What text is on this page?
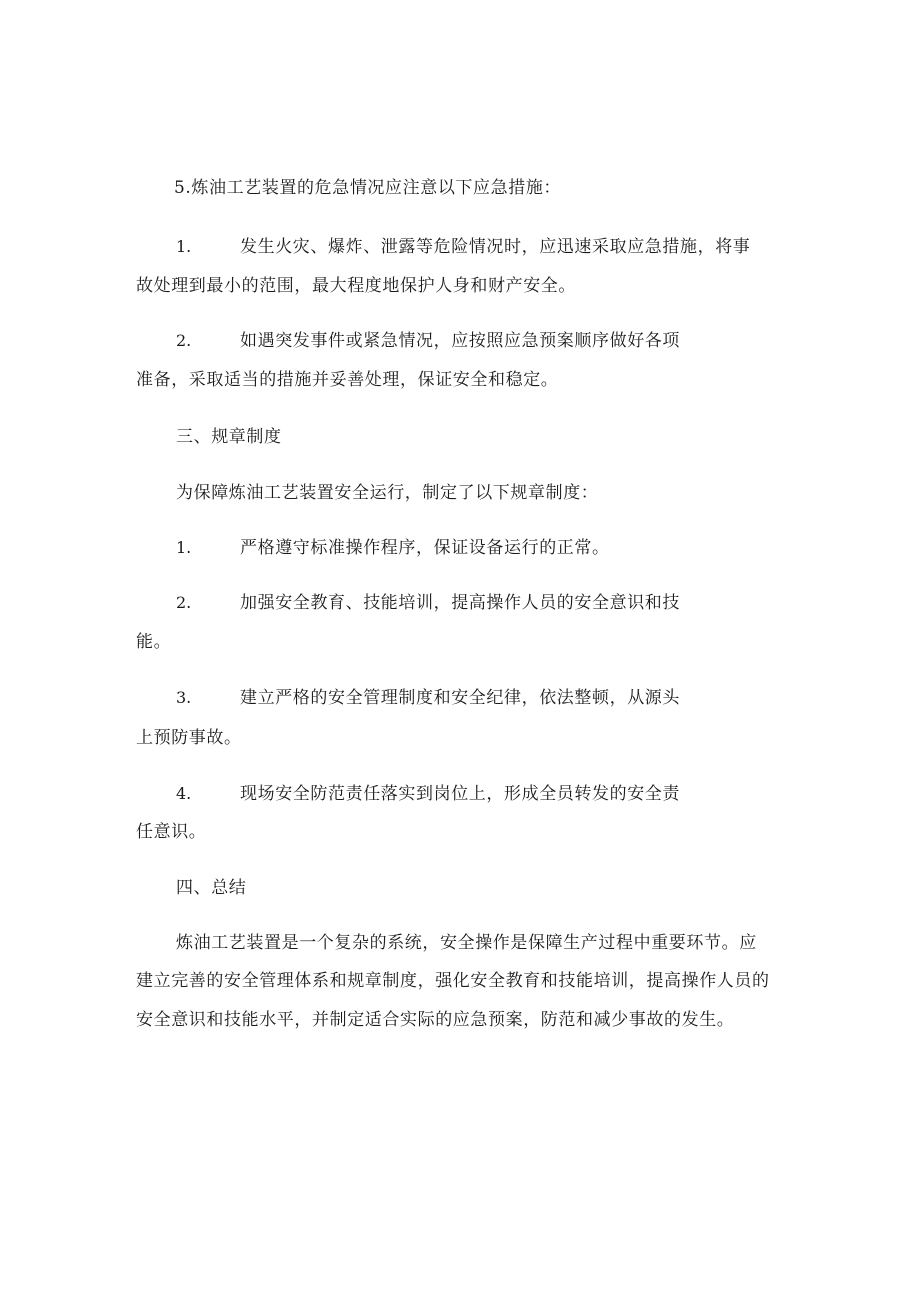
5.炼油工艺装置的危急情况应注意以下应急措施：
1.	发生火灾、爆炸、泄露等危险情况时，应迅速采取应急措施，将事
故处理到最小的范围，最大程度地保护人身和财产安全。
2.	如遇突发事件或紧急情况，应按照应急预案顺序做好各项
准备，采取适当的措施并妥善处理，保证安全和稳定。
三、规章制度
为保障炼油工艺装置安全运行，制定了以下规章制度：
1.	严格遵守标准操作程序，保证设备运行的正常。
2.	加强安全教育、技能培训，提高操作人员的安全意识和技
能。
3.	建立严格的安全管理制度和安全纪律，依法整顿，从源头
上预防事故。
4.	现场安全防范责任落实到岗位上，形成全员转发的安全责
任意识。
四、总结
炼油工艺装置是一个复杂的系统，安全操作是保障生产过程中重要环节。应
建立完善的安全管理体系和规章制度，强化安全教育和技能培训，提高操作人员的
安全意识和技能水平，并制定适合实际的应急预案，防范和减少事故的发生。
